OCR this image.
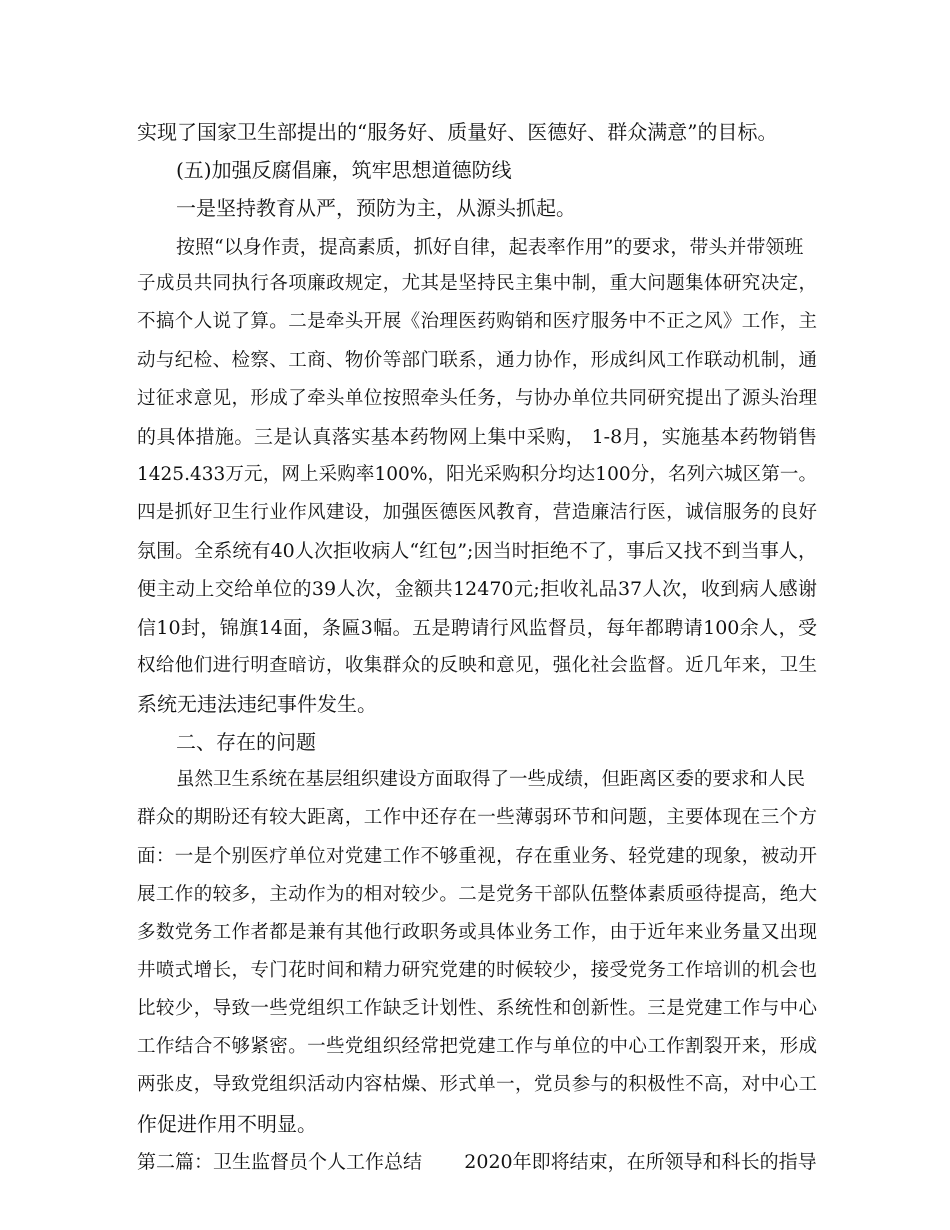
实现了国家卫生部提出的“服务好、质量好、医德好、群众满意”的目标。

(五)加强反腐倡廉，筑牢思想道德防线

一是坚持教育从严，预防为主，从源头抓起。

按照“以身作责，提高素质，抓好自律，起表率作用”的要求，带头并带领班

子成员共同执行各项廉政规定，尤其是坚持民主集中制，重大问题集体研究决定，

不搞个人说了算。二是牵头开展《治理医药购销和医疗服务中不正之风》工作，主

动与纪检、检察、工商、物价等部门联系，通力协作，形成纠风工作联动机制，通

过征求意见，形成了牵头单位按照牵头任务，与协办单位共同研究提出了源头治理

的具体措施。三是认真落实基本药物网上集中采购， 1-8月，实施基本药物销售

1425.433万元，网上采购率100%，阳光采购积分均达100分，名列六城区第一。

四是抓好卫生行业作风建设，加强医德医风教育，营造廉洁行医，诚信服务的良好

氛围。全系统有40人次拒收病人“红包”;因当时拒绝不了，事后又找不到当事人，

便主动上交给单位的39人次，金额共12470元;拒收礼品37人次，收到病人感谢

信10封，锦旗14面，条匾3幅。五是聘请行风监督员，每年都聘请100余人，受

权给他们进行明查暗访，收集群众的反映和意见，强化社会监督。近几年来，卫生

系统无违法违纪事件发生。

二、存在的问题

虽然卫生系统在基层组织建设方面取得了一些成绩，但距离区委的要求和人民

群众的期盼还有较大距离，工作中还存在一些薄弱环节和问题，主要体现在三个方

面：一是个别医疗单位对党建工作不够重视，存在重业务、轻党建的现象，被动开

展工作的较多，主动作为的相对较少。二是党务干部队伍整体素质亟待提高，绝大

多数党务工作者都是兼有其他行政职务或具体业务工作，由于近年来业务量又出现

井喷式增长，专门花时间和精力研究党建的时候较少，接受党务工作培训的机会也

比较少，导致一些党组织工作缺乏计划性、系统性和创新性。三是党建工作与中心

工作结合不够紧密。一些党组织经常把党建工作与单位的中心工作割裂开来，形成

两张皮，导致党组织活动内容枯燥、形式单一，党员参与的积极性不高，对中心工

作促进作用不明显。

第二篇：卫生监督员个人工作总结       2020年即将结束，在所领导和科长的指导
